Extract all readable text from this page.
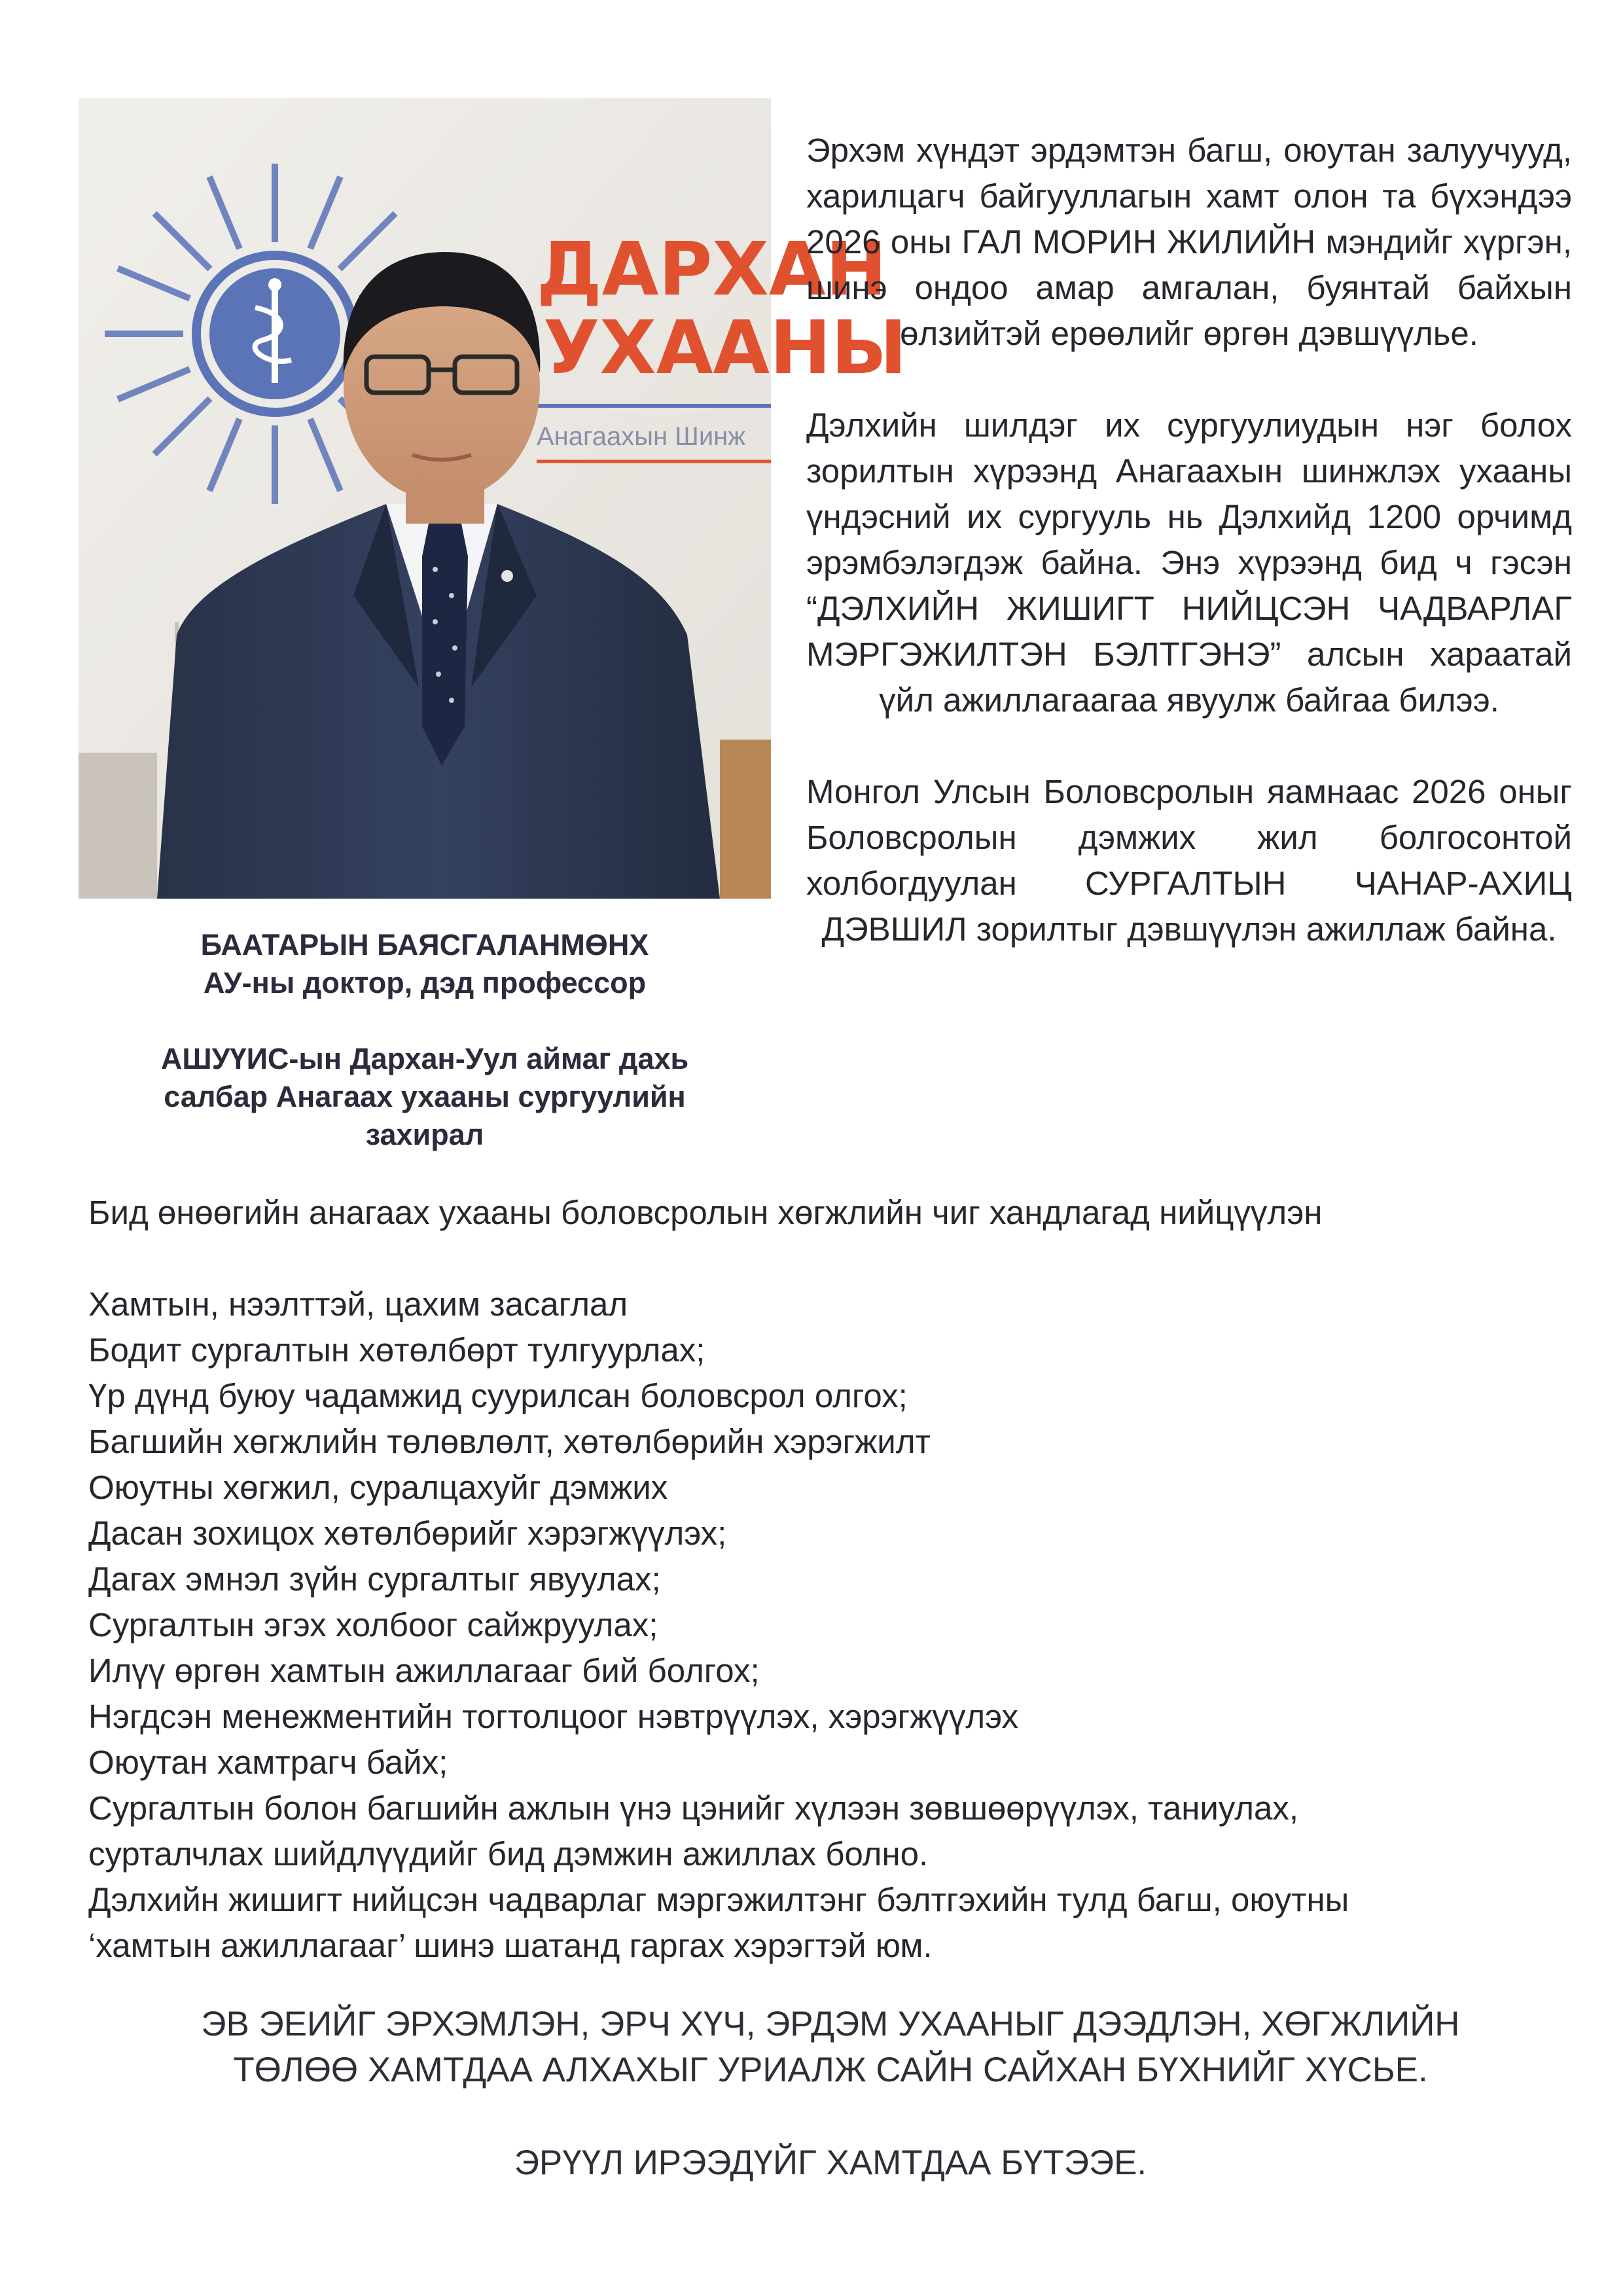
ДАРХАН
УХААНЫ
Анагаахын Шинж
БААТАРЫН БАЯСГАЛАНМӨНХ
АУ-ны доктор, дэд профессор
АШУҮИС-ын Дархан-Уул аймаг дахь
салбар Анагаах ухааны сургуулийн
захирал

Эрхэм хүндэт эрдэмтэн багш, оюутан залуучууд, харилцагч байгууллагын хамт олон та бүхэндээ 2026 оны ГАЛ МОРИН ЖИЛИЙН мэндийг хүргэн, шинэ ондоо амар амгалан, буянтай байхын өлзийтэй ерөөлийг өргөн дэвшүүлье.

Дэлхийн шилдэг их сургуулиудын нэг болох зорилтын хүрээнд Анагаахын шинжлэх ухааны үндэсний их сургууль нь Дэлхийд 1200 орчимд эрэмбэлэгдэж байна. Энэ хүрээнд бид ч гэсэн “ДЭЛХИЙН ЖИШИГТ НИЙЦСЭН ЧАДВАРЛАГ МЭРГЭЖИЛТЭН БЭЛТГЭНЭ” алсын хараатай үйл ажиллагаагаа явуулж байгаа билээ.

Монгол Улсын Боловсролын яамнаас 2026 оныг Боловсролын дэмжих жил болгосонтой холбогдуулан СУРГАЛТЫН ЧАНАР-АХИЦ ДЭВШИЛ зорилтыг дэвшүүлэн ажиллаж байна.

Бид өнөөгийн анагаах ухааны боловсролын хөгжлийн чиг хандлагад нийцүүлэн

Хамтын, нээлттэй, цахим засаглал

Бодит сургалтын хөтөлбөрт тулгуурлах;

Үр дүнд буюу чадамжид суурилсан боловсрол олгох;

Багшийн хөгжлийн төлөвлөлт, хөтөлбөрийн хэрэгжилт

Оюутны хөгжил, суралцахуйг дэмжих

Дасан зохицох хөтөлбөрийг хэрэгжүүлэх;

Дагах эмнэл зүйн сургалтыг явуулах;

Сургалтын эгэх холбоог сайжруулах;

Илүү өргөн хамтын ажиллагааг бий болгох;

Нэгдсэн менежментийн тогтолцоог нэвтрүүлэх, хэрэгжүүлэх

Оюутан хамтрагч байх;

Сургалтын болон багшийн ажлын үнэ цэнийг хүлээн зөвшөөрүүлэх, таниулах,

сурталчлах шийдлүүдийг бид дэмжин ажиллах болно.

Дэлхийн жишигт нийцсэн чадварлаг мэргэжилтэнг бэлтгэхийн тулд багш, оюутны

‘хамтын ажиллагааг’ шинэ шатанд гаргах хэрэгтэй юм.

ЭВ ЭЕИЙГ ЭРХЭМЛЭН, ЭРЧ ХҮЧ, ЭРДЭМ УХААНЫГ ДЭЭДЛЭН, ХӨГЖЛИЙН

ТӨЛӨӨ ХАМТДАА АЛХАХЫГ УРИАЛЖ САЙН САЙХАН БҮХНИЙГ ХҮСЬЕ.

ЭРҮҮЛ ИРЭЭДҮЙГ ХАМТДАА БҮТЭЭЕ.
